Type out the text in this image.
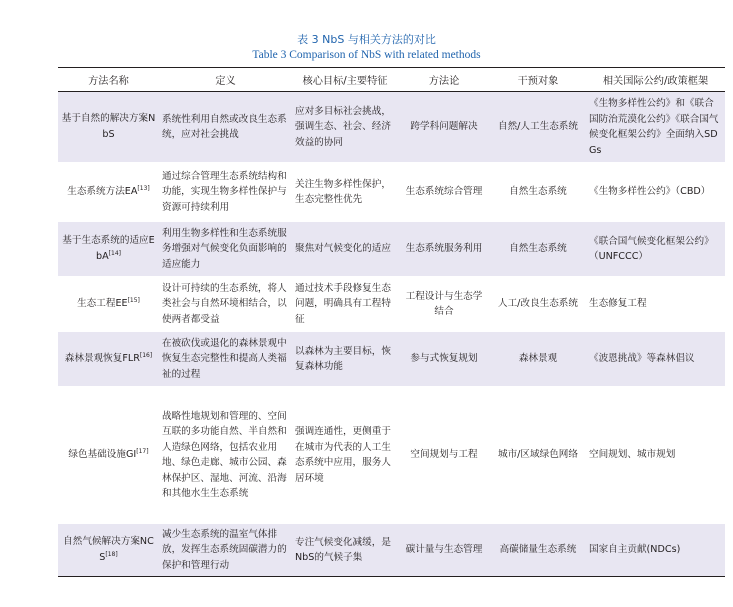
表 3 NbS 与相关方法的对比
Table 3 Comparison of NbS with related methods
方法名称	定义	核心目标/主要特征	方法论	干预对象	相关国际公约/政策框架
基于自然的解决方案NbS	系统性利用自然或改良生态系统，应对社会挑战	应对多目标社会挑战，强调生态、社会、经济效益的协同	跨学科问题解决	自然/人工生态系统	《生物多样性公约》和《联合国防治荒漠化公约》《联合国气候变化框架公约》全面纳入SDGs
生态系统方法EA[13]	通过综合管理生态系统结构和功能，实现生物多样性保护与资源可持续利用	关注生物多样性保护，生态完整性优先	生态系统综合管理	自然生态系统	《生物多样性公约》（CBD）
基于生态系统的适应EbA[14]	利用生物多样性和生态系统服务增强对气候变化负面影响的适应能力	聚焦对气候变化的适应	生态系统服务利用	自然生态系统	《联合国气候变化框架公约》（UNFCCC）
生态工程EE[15]	设计可持续的生态系统，将人类社会与自然环境相结合，以使两者都受益	通过技术手段修复生态问题，明确具有工程特征	工程设计与生态学结合	人工/改良生态系统	生态修复工程
森林景观恢复FLR[16]	在被砍伐或退化的森林景观中恢复生态完整性和提高人类福祉的过程	以森林为主要目标，恢复森林功能	参与式恢复规划	森林景观	《波恩挑战》等森林倡议
绿色基础设施GI[17]	战略性地规划和管理的、空间互联的多功能自然、半自然和人造绿色网络，包括农业用地、绿色走廊、城市公园、森林保护区、湿地、河流、沿海和其他水生生态系统	强调连通性，更侧重于在城市为代表的人工生态系统中应用，服务人居环境	空间规划与工程	城市/区域绿色网络	空间规划、城市规划
自然气候解决方案NCS[18]	减少生态系统的温室气体排放，发挥生态系统固碳潜力的保护和管理行动	专注气候变化减缓，是NbS的气候子集	碳计量与生态管理	高碳储量生态系统	国家自主贡献(NDCs)
